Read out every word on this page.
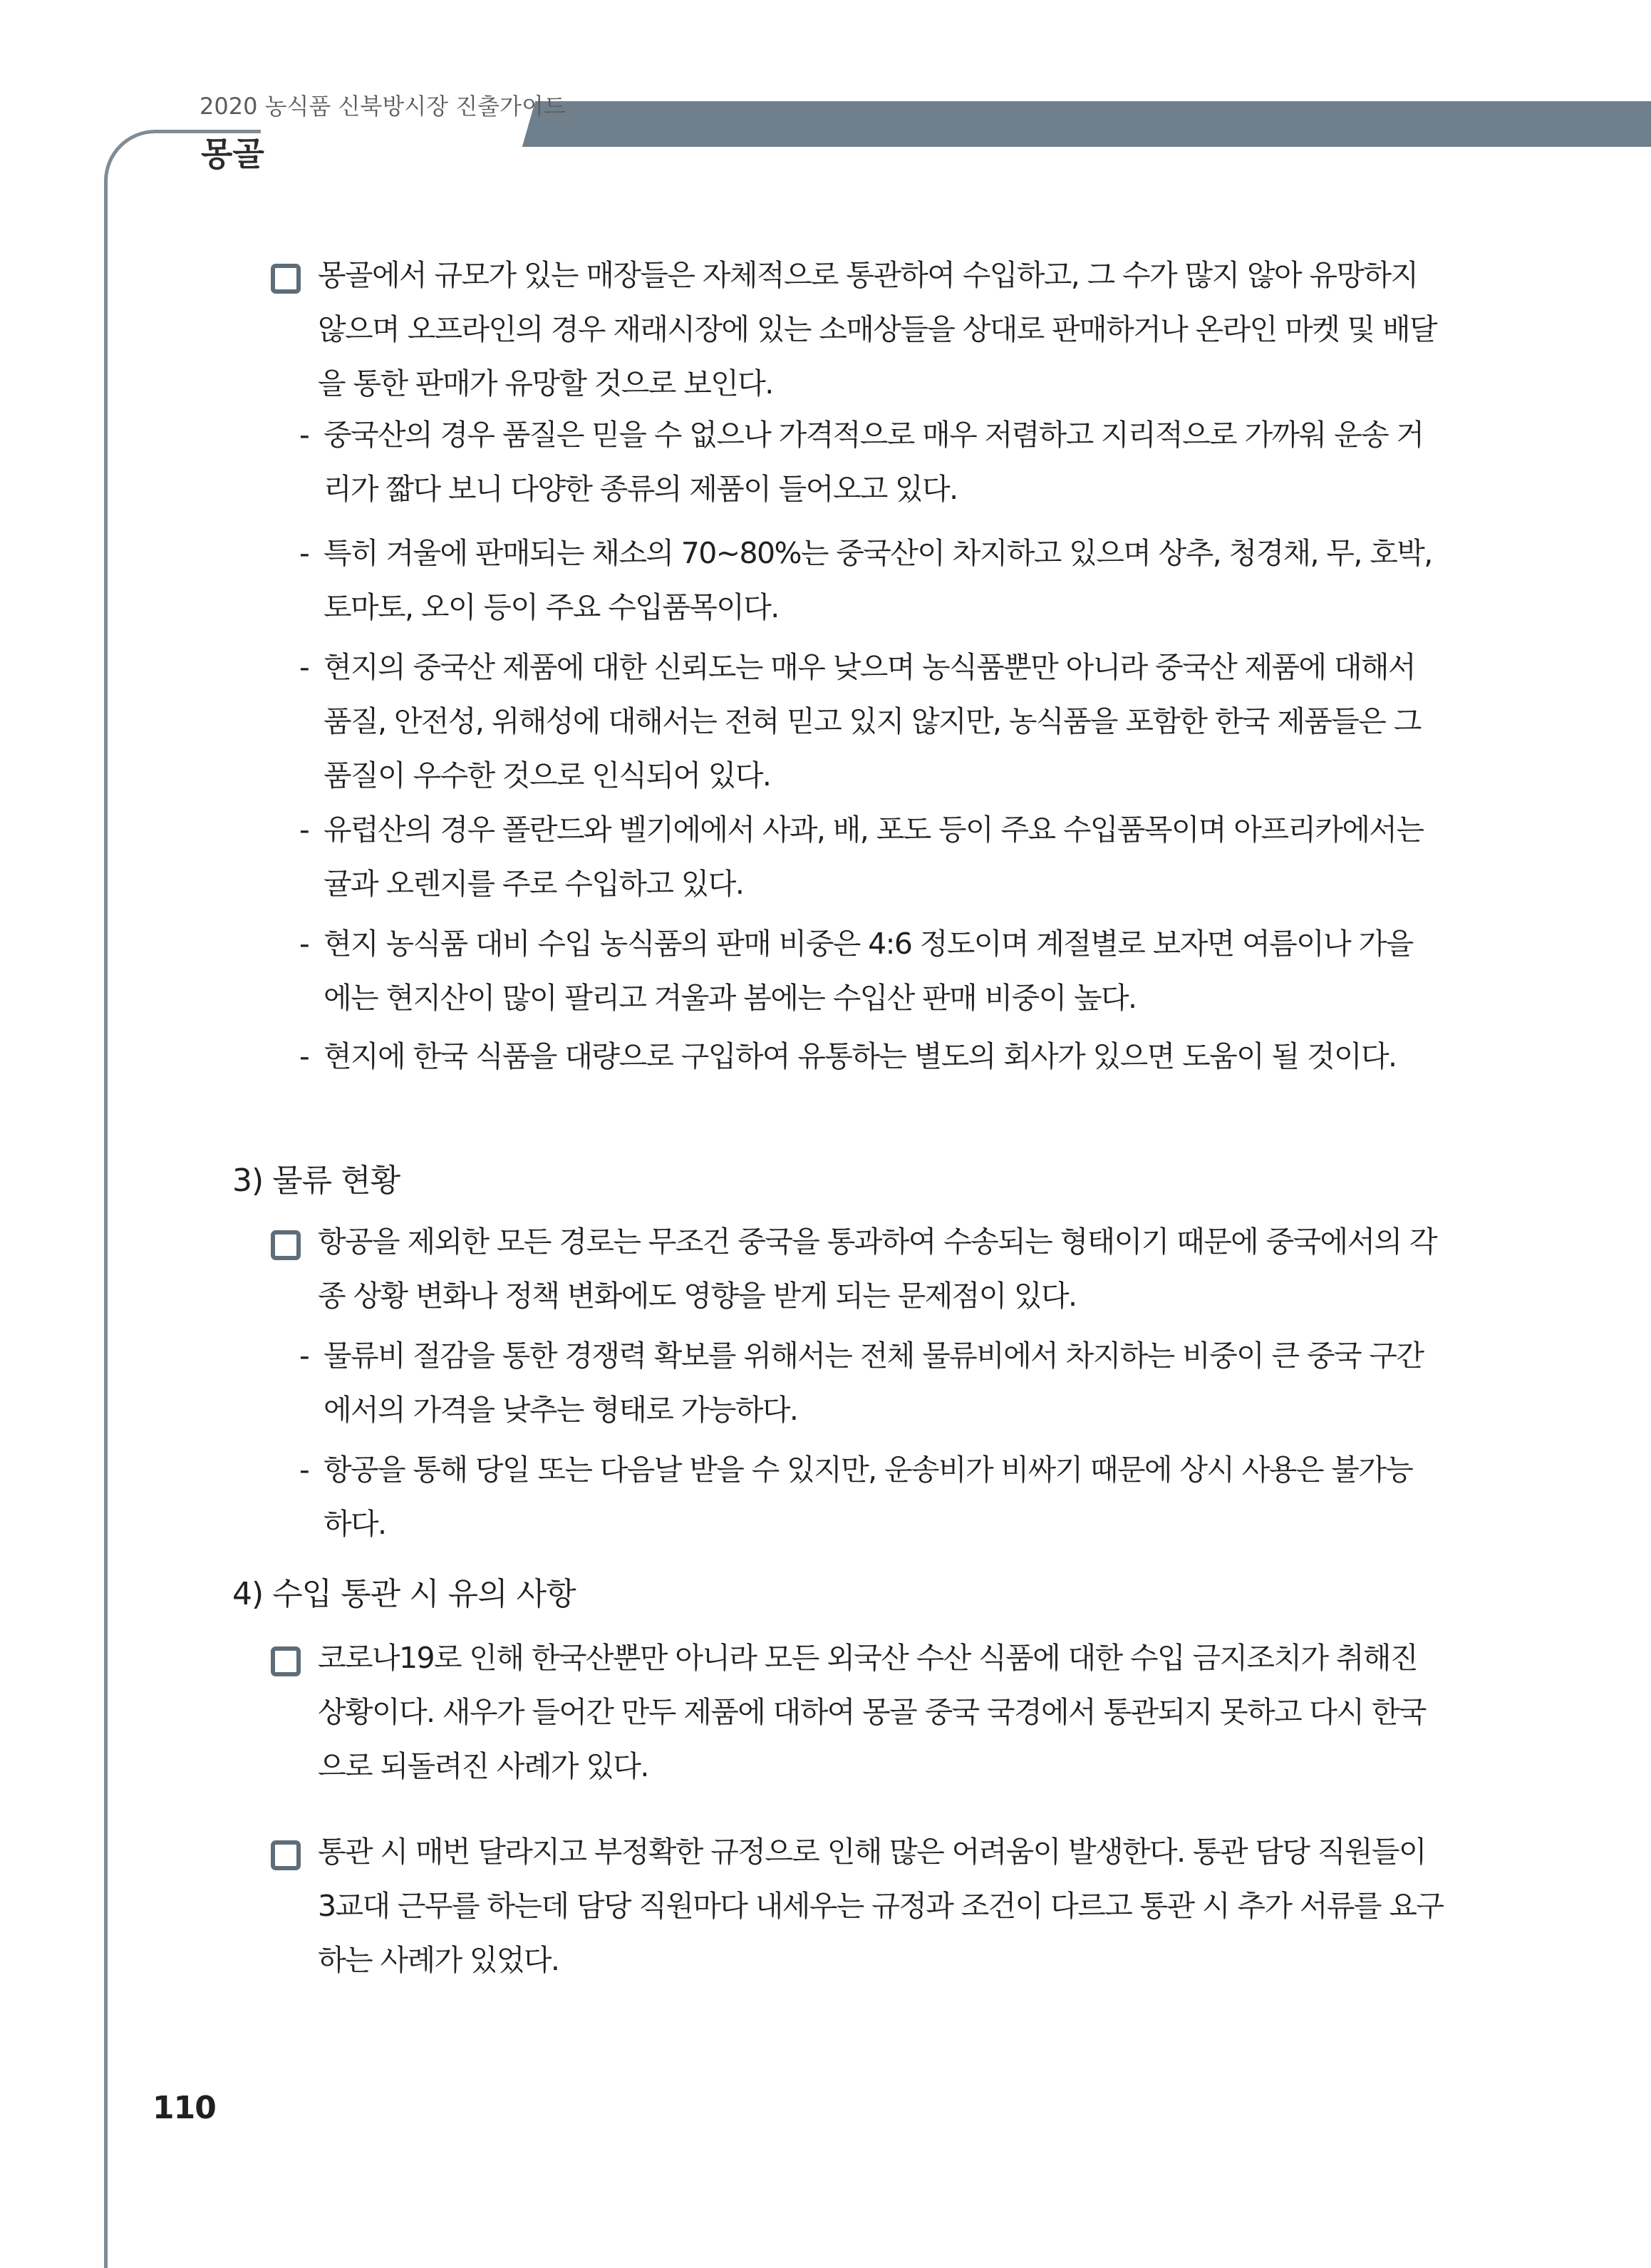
2020 농식품 신북방시장 진출가이드
몽골
몽골에서 규모가 있는 매장들은 자체적으로 통관하여 수입하고, 그 수가 많지 않아 유망하지 않으며 오프라인의 경우 재래시장에 있는 소매상들을 상대로 판매하거나 온라인 마켓 및 배달을 통한 판매가 유망할 것으로 보인다.
- 중국산의 경우 품질은 믿을 수 없으나 가격적으로 매우 저렴하고 지리적으로 가까워 운송 거리가 짧다 보니 다양한 종류의 제품이 들어오고 있다.
- 특히 겨울에 판매되는 채소의 70~80%는 중국산이 차지하고 있으며 상추, 청경채, 무, 호박, 토마토, 오이 등이 주요 수입품목이다.
- 현지의 중국산 제품에 대한 신뢰도는 매우 낮으며 농식품뿐만 아니라 중국산 제품에 대해서 품질, 안전성, 위해성에 대해서는 전혀 믿고 있지 않지만, 농식품을 포함한 한국 제품들은 그 품질이 우수한 것으로 인식되어 있다.
- 유럽산의 경우 폴란드와 벨기에에서 사과, 배, 포도 등이 주요 수입품목이며 아프리카에서는 귤과 오렌지를 주로 수입하고 있다.
- 현지 농식품 대비 수입 농식품의 판매 비중은 4:6 정도이며 계절별로 보자면 여름이나 가을에는 현지산이 많이 팔리고 겨울과 봄에는 수입산 판매 비중이 높다.
- 현지에 한국 식품을 대량으로 구입하여 유통하는 별도의 회사가 있으면 도움이 될 것이다.
3) 물류 현황
항공을 제외한 모든 경로는 무조건 중국을 통과하여 수송되는 형태이기 때문에 중국에서의 각종 상황 변화나 정책 변화에도 영향을 받게 되는 문제점이 있다.
- 물류비 절감을 통한 경쟁력 확보를 위해서는 전체 물류비에서 차지하는 비중이 큰 중국 구간에서의 가격을 낮추는 형태로 가능하다.
- 항공을 통해 당일 또는 다음날 받을 수 있지만, 운송비가 비싸기 때문에 상시 사용은 불가능하다.
4) 수입 통관 시 유의 사항
코로나19로 인해 한국산뿐만 아니라 모든 외국산 수산 식품에 대한 수입 금지조치가 취해진 상황이다. 새우가 들어간 만두 제품에 대하여 몽골 중국 국경에서 통관되지 못하고 다시 한국으로 되돌려진 사례가 있다.
통관 시 매번 달라지고 부정확한 규정으로 인해 많은 어려움이 발생한다. 통관 담당 직원들이 3교대 근무를 하는데 담당 직원마다 내세우는 규정과 조건이 다르고 통관 시 추가 서류를 요구하는 사례가 있었다.
110
